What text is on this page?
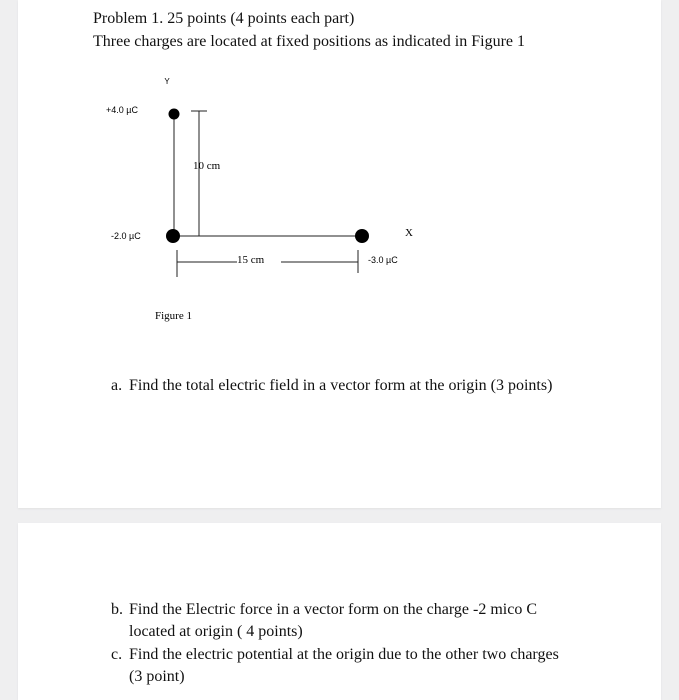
Problem 1. 25 points (4 points each part)
Three charges are located at fixed positions as indicated in Figure 1
Y
10 cm
15 cm
+4.0 µC
-2.0 µC
-3.0 µC
X
Figure 1
a. Find the total electric field in a vector form at the origin (3 points)
b. Find the Electric force in a vector form on the charge -2 mico C
located at origin ( 4 points)
c. Find the electric potential at the origin due to the other two charges
(3 point)
